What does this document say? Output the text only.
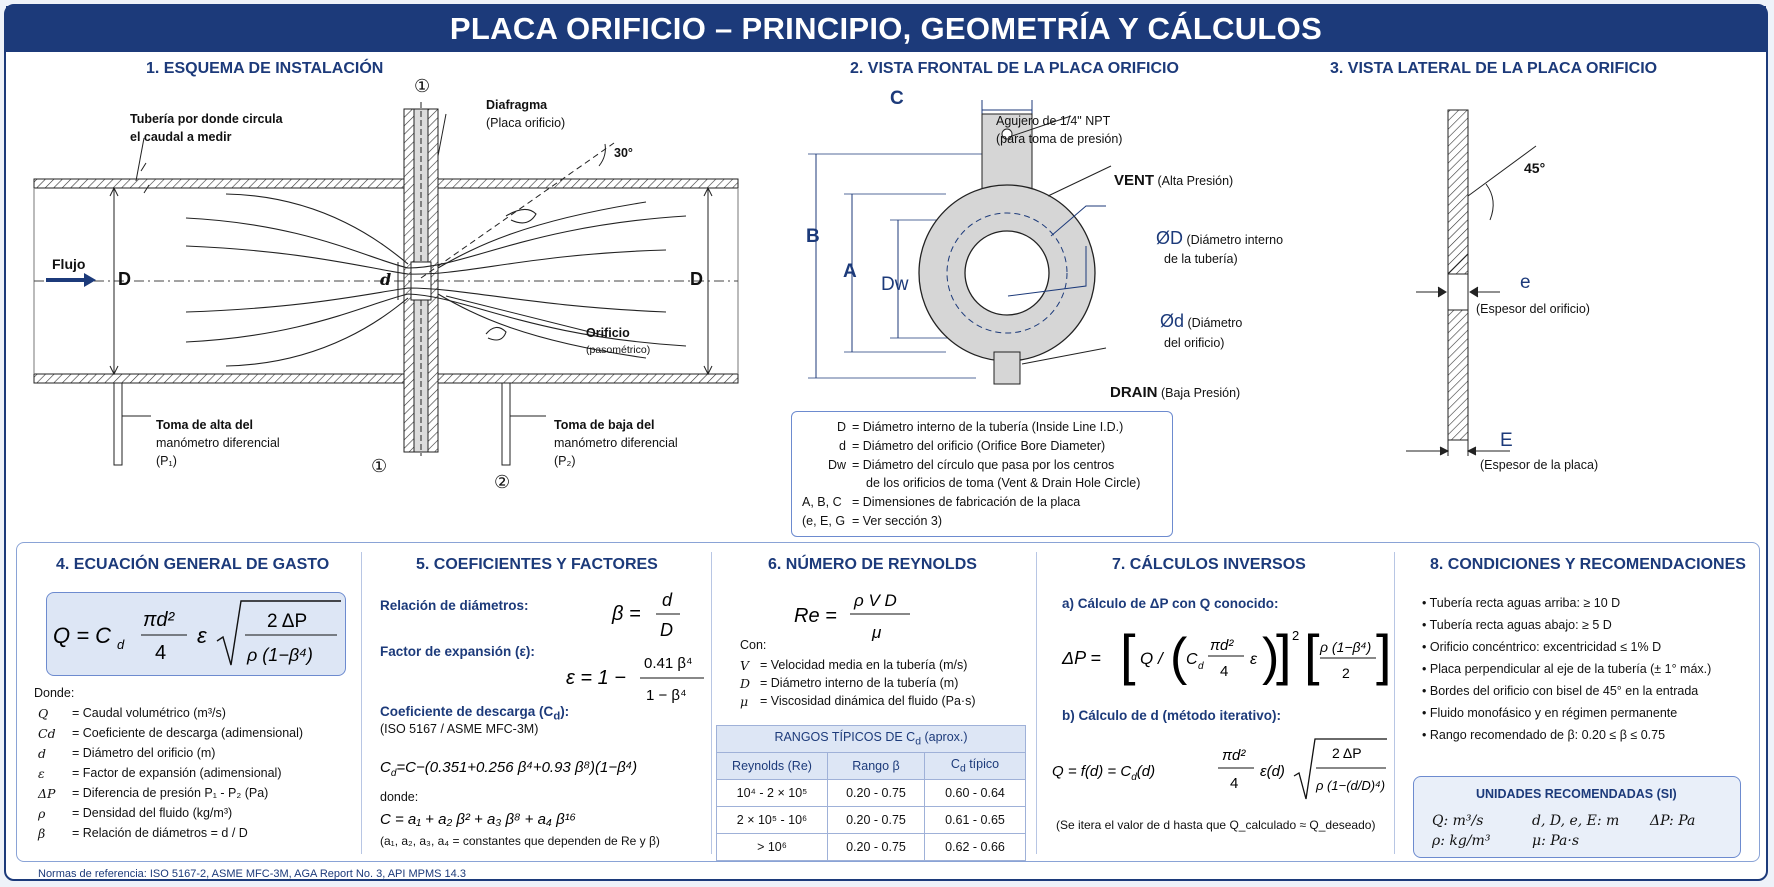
PLACA ORIFICIO – PRINCIPIO, GEOMETRÍA Y CÁLCULOS
1. ESQUEMA DE INSTALACIÓN
Tubería por donde circula
el caudal a medir
①
Diafragma
(Placa orificio)
30°
Flujo
D	D
d
Orificio
(pasométrico)
Toma de alta del
manómetro diferencial
(P₁)
Toma de baja del
manómetro diferencial
(P₂)
①
②
2. VISTA FRONTAL DE LA PLACA ORIFICIO
C
Agujero de 1/4" NPT
(para toma de presión)
VENT (Alta Presión)
B
A
Dw
ØD (Diámetro interno
de la tubería)
Ød (Diámetro
del orificio)
DRAIN (Baja Presión)
D = Diámetro interno de la tubería (Inside Line I.D.)
d = Diámetro del orificio (Orifice Bore Diameter)
Dw = Diámetro del círculo que pasa por los centros
de los orificios de toma (Vent & Drain Hole Circle)
A, B, C = Dimensiones de fabricación de la placa
(e, E, G = Ver sección 3)
3. VISTA LATERAL DE LA PLACA ORIFICIO
45°
e
(Espesor del orificio)
E
(Espesor de la placa)
4. ECUACIÓN GENERAL DE GASTO
Q = C d
πd²
4
ε
2 ΔP
ρ (1−β⁴)
Donde:
Q = Caudal volumétrico (m³/s)
Cd = Coeficiente de descarga (adimensional)
d = Diámetro del orificio (m)
ε = Factor de expansión (adimensional)
ΔP = Diferencia de presión P₁ - P₂ (Pa)
ρ = Densidad del fluido (kg/m³)
β = Relación de diámetros = d / D
5. COEFICIENTES Y FACTORES
Relación de diámetros:	β =
d
D
Factor de expansión (ε):
ε = 1 −
0.41 β⁴
1 − β⁴
Coeficiente de descarga $(C_d)$:
(ISO 5167 / ASME MFC-3M)
$C_d=C-(0.351+0.256$ β⁴+0.93 β⁸)(1−β⁴)
donde:
C = a₁ + a₂ β² + a₃ β⁸ + a₄ β¹⁶
(a₁, a₂, a₃, a₄ = constantes que dependen de Re y β)
6. NÚMERO DE REYNOLDS
Re =
ρ V D
μ
Con:
V = Velocidad media en la tubería (m/s)
D = Diámetro interno de la tubería (m)
μ = Viscosidad dinámica del fluido (Pa·s)
RANGOS TÍPICOS DE $C_d$ (aprox.)		
Reynolds (Re)	Rango β	$C_d$ típico
10⁴ - 2 × 10⁵	0.20 - 0.75	0.60 - 0.64
2 × 10⁵ - 10⁶	0.20 - 0.75	0.61 - 0.65
> 10⁶	0.20 - 0.75	0.62 - 0.66
7. CÁLCULOS INVERSOS
a) Cálculo de ΔP con Q conocido:
ΔP = [ Q / (
C d
πd²
4
ε )
] 2 [ ρ (1−β⁴)
2 ]
b) Cálculo de d (método iterativo):
$Q = f(d) = C_d(d)$
πd²
4
ε(d)
2 ΔP
ρ (1−(d/D)⁴)
(Se itera el valor de d hasta que Q_calculado ≈ Q_deseado)
8. CONDICIONES Y RECOMENDACIONES
• Tubería recta aguas arriba: ≥ 10 D
• Tubería recta aguas abajo: ≥ 5 D
• Orificio concéntrico: excentricidad ≤ 1% D
• Placa perpendicular al eje de la tubería (± 1° máx.)
• Bordes del orificio con bisel de 45° en la entrada
• Fluido monofásico y en régimen permanente
• Rango recomendado de β: 0.20 ≤ β ≤ 0.75
UNIDADES RECOMENDADAS (SI)
Q: m³/s	d, D, e, E: m ΔP: Pa
ρ: kg/m³	μ: Pa·s
Normas de referencia: ISO 5167-2, ASME MFC-3M, AGA Report No. 3, API MPMS 14.3
